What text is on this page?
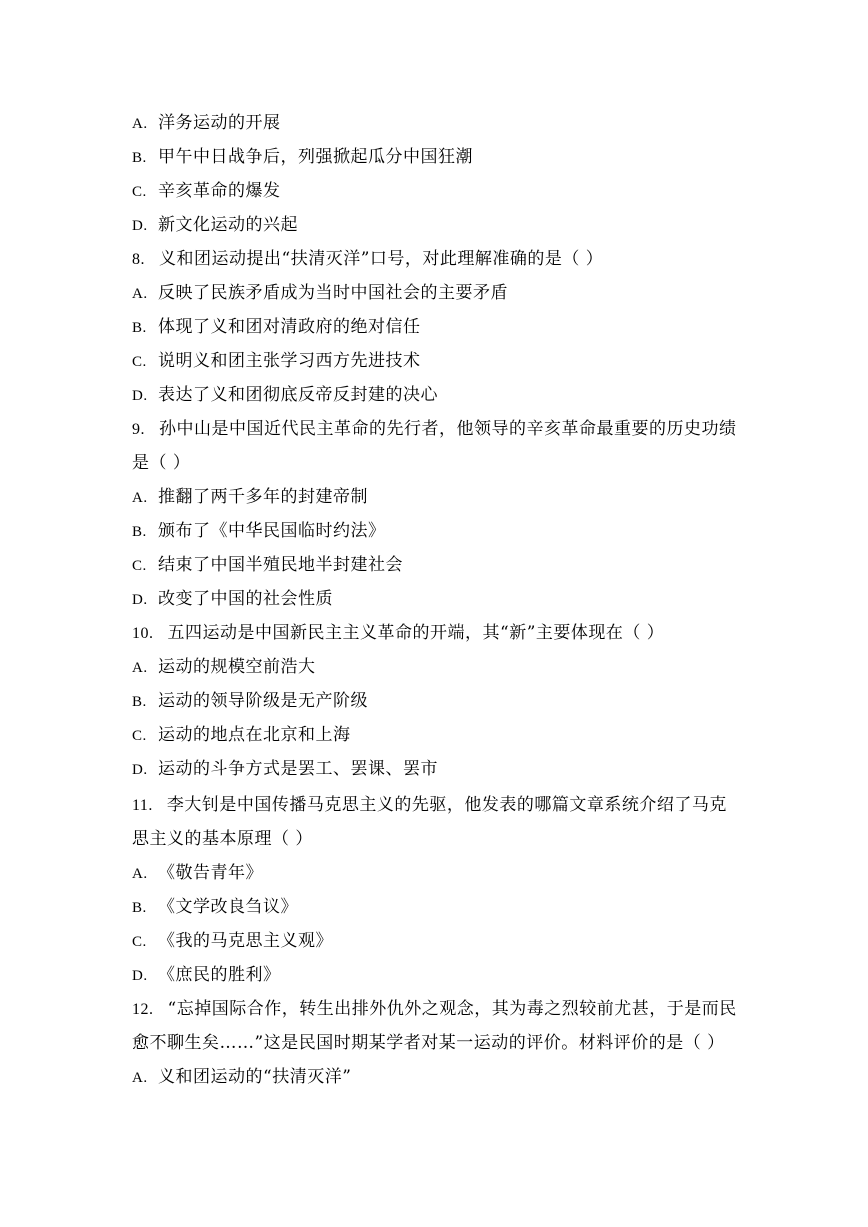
A. 洋务运动的开展
B. 甲午中日战争后，列强掀起瓜分中国狂潮
C. 辛亥革命的爆发
D. 新文化运动的兴起
8. 义和团运动提出“扶清灭洋”口号，对此理解准确的是（ ）
A. 反映了民族矛盾成为当时中国社会的主要矛盾
B. 体现了义和团对清政府的绝对信任
C. 说明义和团主张学习西方先进技术
D. 表达了义和团彻底反帝反封建的决心
9. 孙中山是中国近代民主革命的先行者，他领导的辛亥革命最重要的历史功绩
是（ ）
A. 推翻了两千多年的封建帝制
B. 颁布了《中华民国临时约法》
C. 结束了中国半殖民地半封建社会
D. 改变了中国的社会性质
10. 五四运动是中国新民主主义革命的开端，其“新”主要体现在（ ）
A. 运动的规模空前浩大
B. 运动的领导阶级是无产阶级
C. 运动的地点在北京和上海
D. 运动的斗争方式是罢工、罢课、罢市
11. 李大钊是中国传播马克思主义的先驱，他发表的哪篇文章系统介绍了马克
思主义的基本原理（ ）
A. 《敬告青年》
B. 《文学改良刍议》
C. 《我的马克思主义观》
D. 《庶民的胜利》
12. “忘掉国际合作，转生出排外仇外之观念，其为毒之烈较前尤甚，于是而民
愈不聊生矣……”这是民国时期某学者对某一运动的评价。材料评价的是（ ）
A. 义和团运动的“扶清灭洋”
